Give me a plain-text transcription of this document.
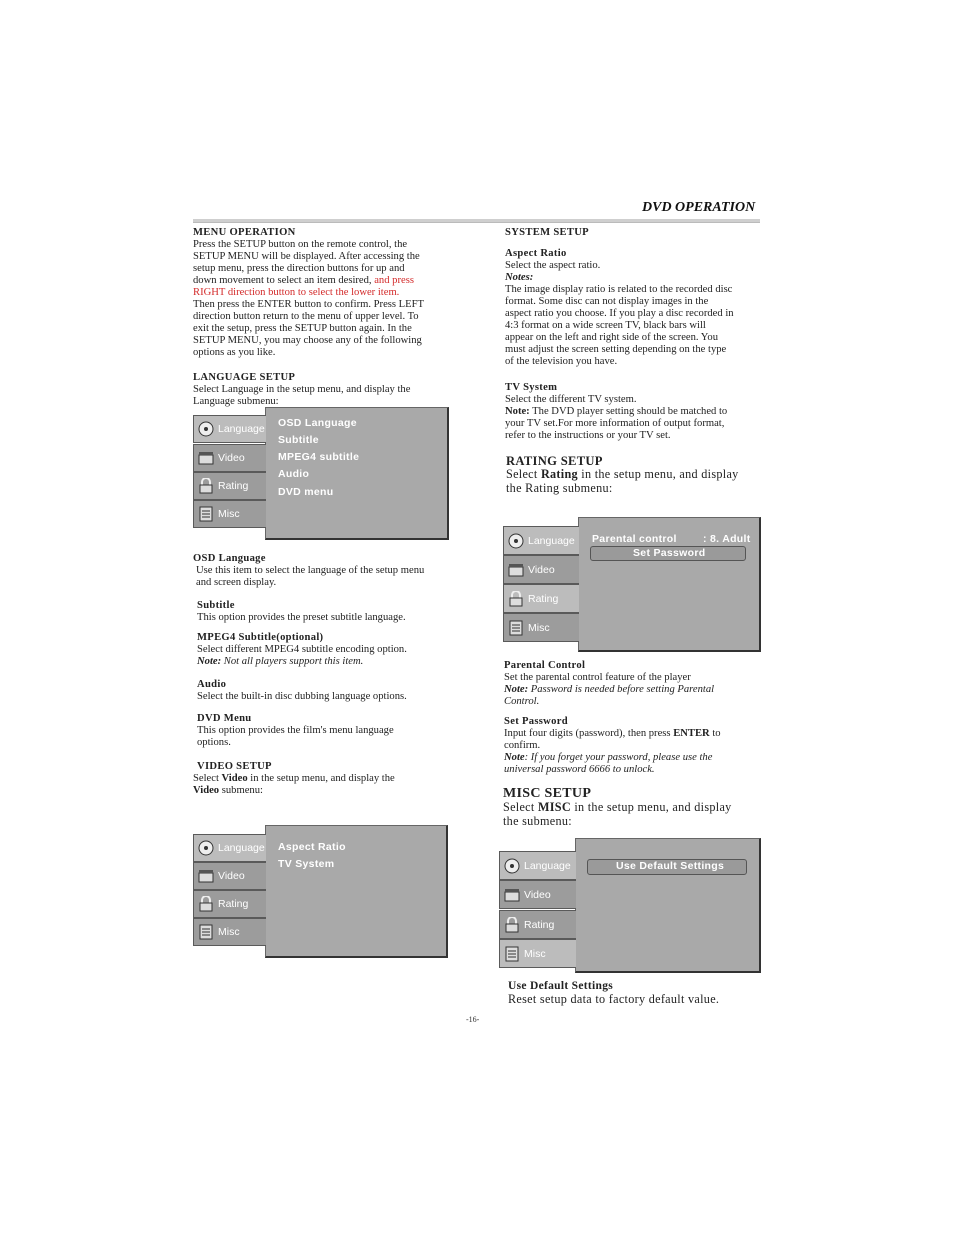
DVD OPERATION
MENU OPERATION
Press the SETUP button on the remote control, the
SETUP MENU will be displayed. After accessing the
setup menu, press the direction buttons for up and
down movement to select an item desired, and press
RIGHT direction button to select the lower item.
Then press the ENTER button to confirm. Press LEFT
direction button return to the menu of upper level. To
exit the setup, press the SETUP button again. In the
SETUP MENU, you may choose any of the following
options as you like.
LANGUAGE SETUP
Select Language in the setup menu, and display the
Language submenu:
Language
Video
Rating
Misc
OSD Language
Subtitle
MPEG4 subtitle
Audio
DVD menu
OSD Language
Use this item to select the language of the setup menu
and screen display.
Subtitle
This option provides the preset subtitle language.
MPEG4 Subtitle(optional)
Select different MPEG4 subtitle encoding option.
Note: Not all players support this item.
Audio
Select the built-in disc dubbing language options.
DVD Menu
This option provides the film's menu language
options.
VIDEO SETUP
Select Video in the setup menu, and display the
Video submenu:
Language
Video
Rating
Misc
Aspect Ratio
TV System
SYSTEM SETUP
Aspect Ratio
Select the aspect ratio.
Notes:
The image display ratio is related to the recorded disc
format. Some disc can not display images in the
aspect ratio you choose. If you play a disc recorded in
4:3 format on a wide screen TV, black bars will
appear on the left and right side of the screen. You
must adjust the screen setting depending on the type
of the television you have.
TV System
Select the different TV system.
Note: The DVD player setting should be matched to
your TV set.For more information of output format,
refer to the instructions or your TV set.
RATING SETUP
Select Rating in the setup menu, and display
the Rating submenu:
Language
Video
Rating
Misc
Parental control	: 8. Adult
Set Password
Parental Control
Set the parental control feature of the player
Note: Password is needed before setting Parental
Control.
Set Password
Input four digits (password), then press ENTER to
confirm.
Note: If you forget your password, please use the
universal password 6666 to unlock.
MISC SETUP
Select MISC in the setup menu, and display
the submenu:
Language
Video
Rating
Misc
Use Default Settings
Use Default Settings
Reset setup data to factory default value.
-16-
